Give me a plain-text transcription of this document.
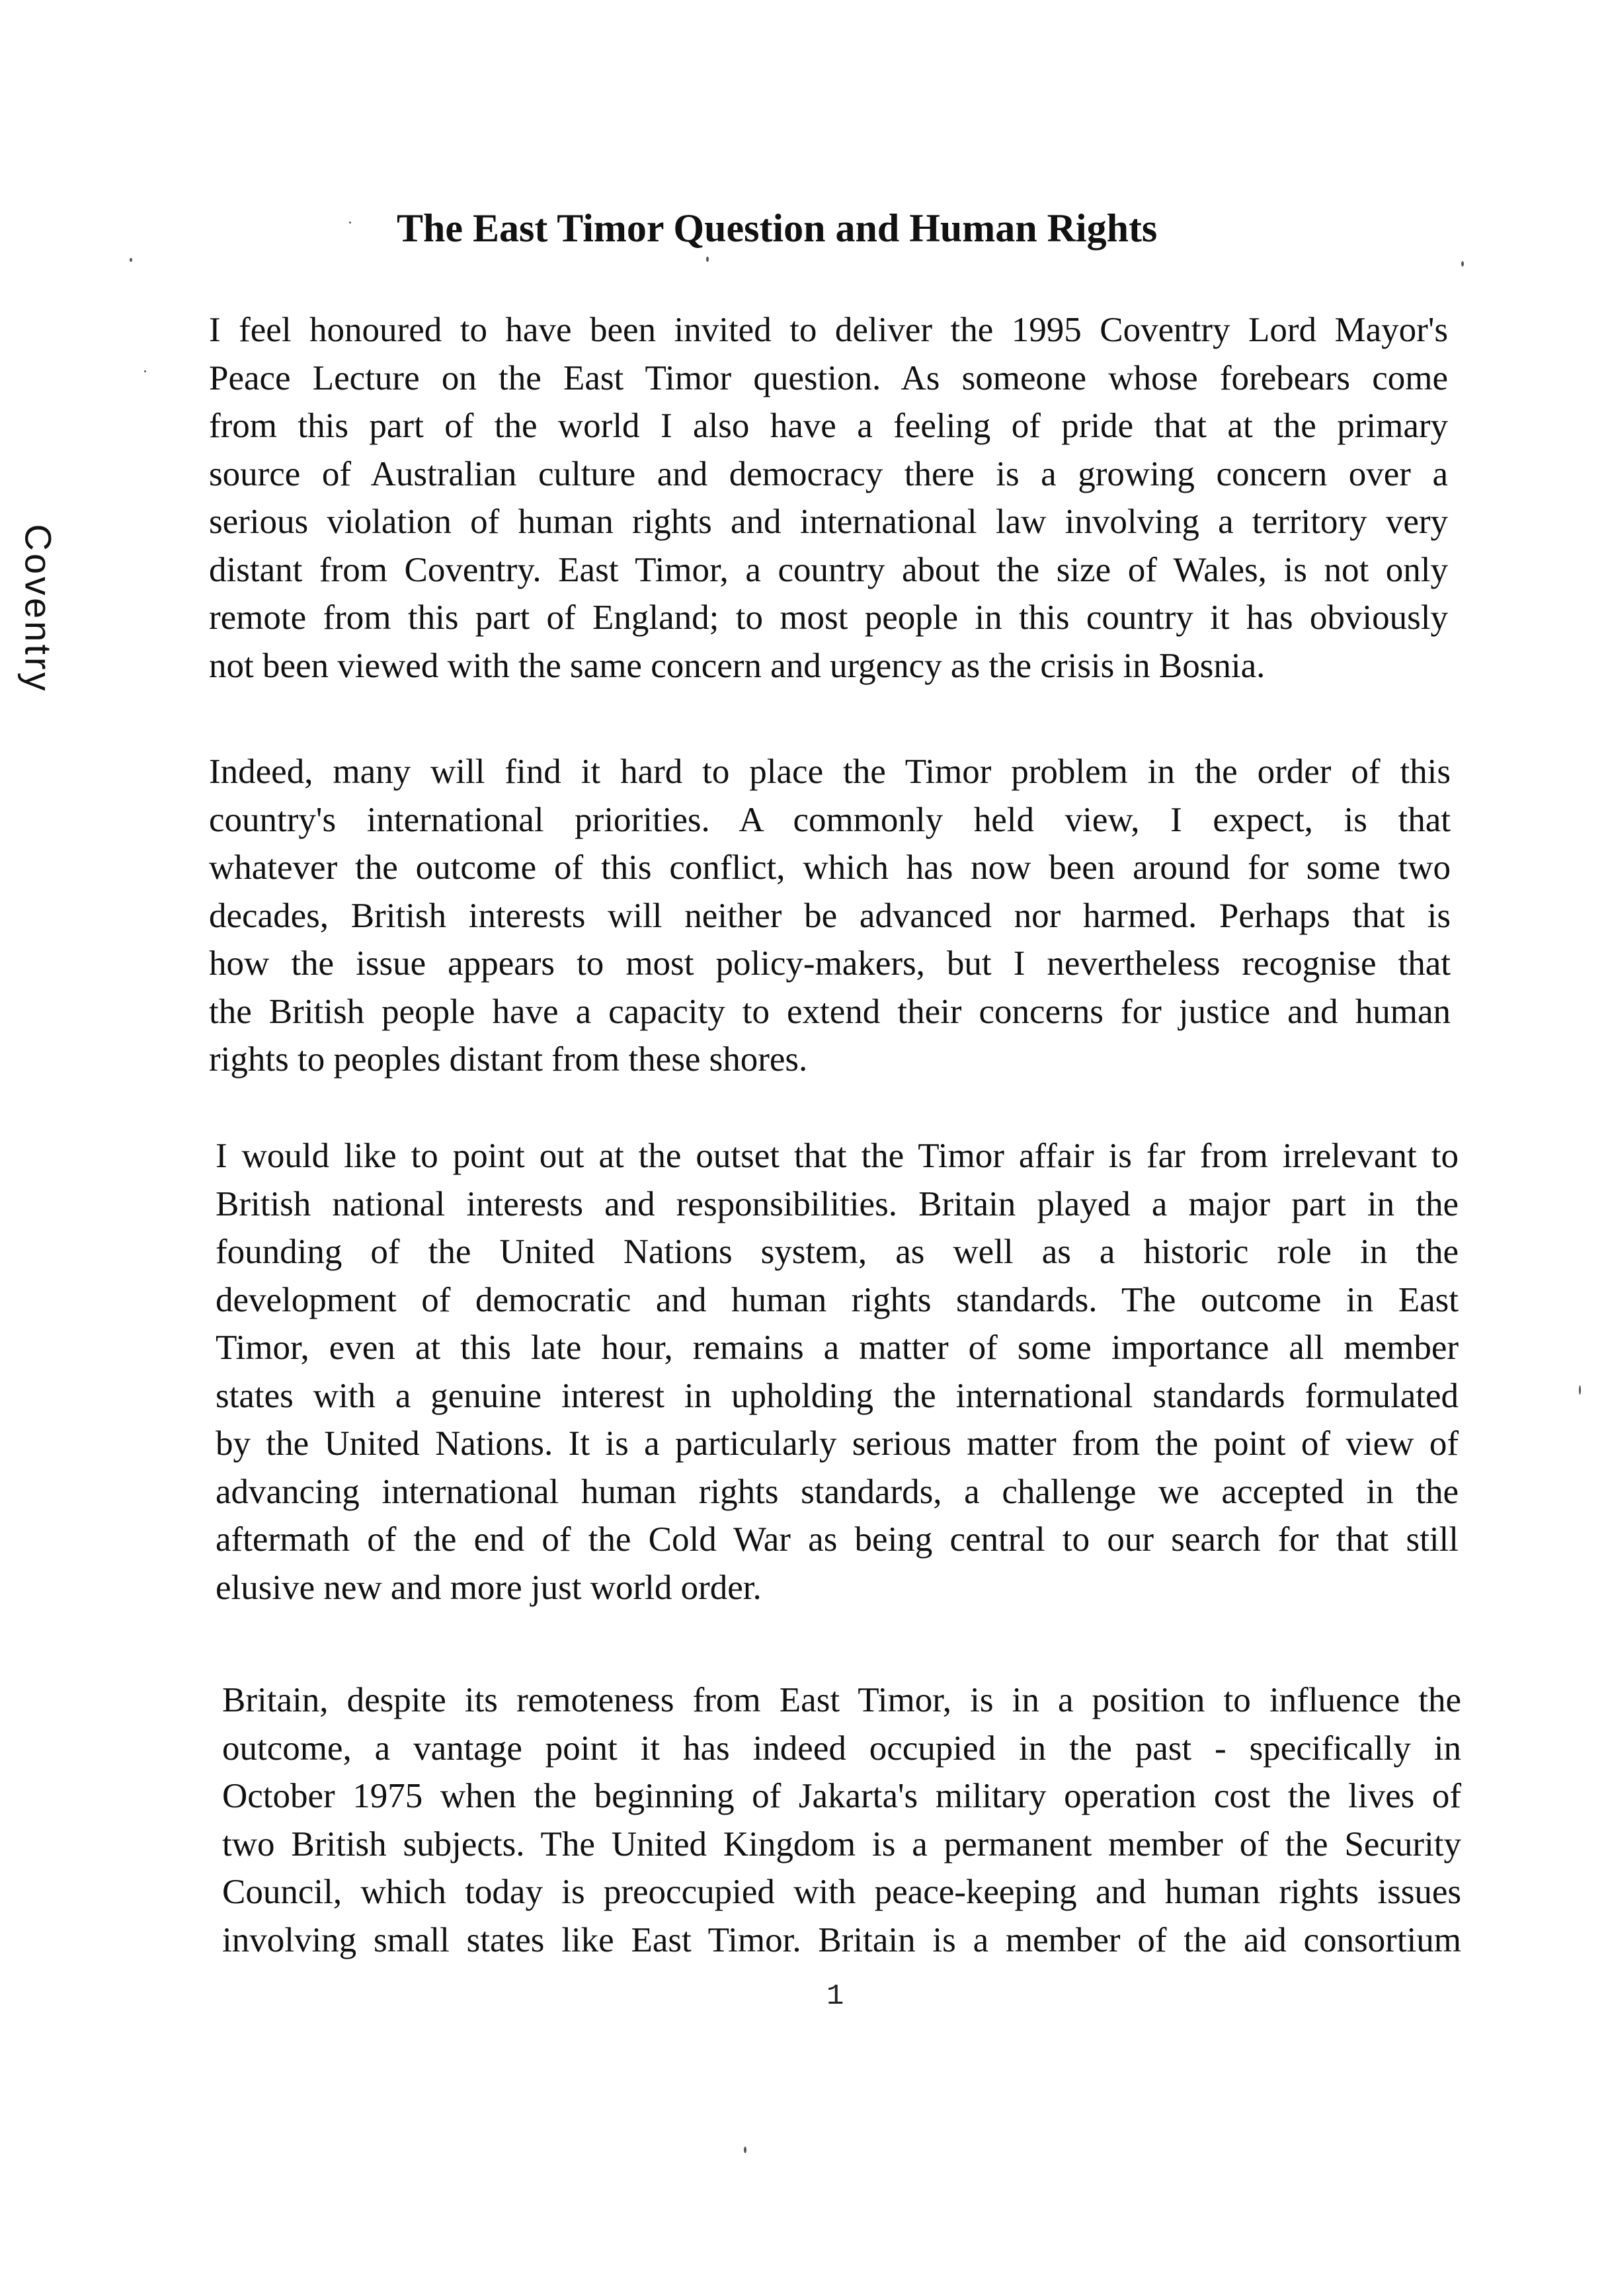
The East Timor Question and Human Rights

I feel honoured to have been invited to deliver the 1995 Coventry Lord Mayor's
Peace Lecture on the East Timor question. As someone whose forebears come
from this part of the world I also have a feeling of pride that at the primary
source of Australian culture and democracy there is a growing concern over a
serious violation of human rights and international law involving a territory very
distant from Coventry. East Timor, a country about the size of Wales, is not only
remote from this part of England; to most people in this country it has obviously
not been viewed with the same concern and urgency as the crisis in Bosnia.

Indeed, many will find it hard to place the Timor problem in the order of this
country's international priorities. A commonly held view, I expect, is that
whatever the outcome of this conflict, which has now been around for some two
decades, British interests will neither be advanced nor harmed. Perhaps that is
how the issue appears to most policy-makers, but I nevertheless recognise that
the British people have a capacity to extend their concerns for justice and human
rights to peoples distant from these shores.

I would like to point out at the outset that the Timor affair is far from irrelevant to
British national interests and responsibilities. Britain played a major part in the
founding of the United Nations system, as well as a historic role in the
development of democratic and human rights standards. The outcome in East
Timor, even at this late hour, remains a matter of some importance all member
states with a genuine interest in upholding the international standards formulated
by the United Nations. It is a particularly serious matter from the point of view of
advancing international human rights standards, a challenge we accepted in the
aftermath of the end of the Cold War as being central to our search for that still
elusive new and more just world order.

Britain, despite its remoteness from East Timor, is in a position to influence the
outcome, a vantage point it has indeed occupied in the past - specifically in
October 1975 when the beginning of Jakarta's military operation cost the lives of
two British subjects. The United Kingdom is a permanent member of the Security
Council, which today is preoccupied with peace-keeping and human rights issues
involving small states like East Timor. Britain is a member of the aid consortium

1
Coventry
